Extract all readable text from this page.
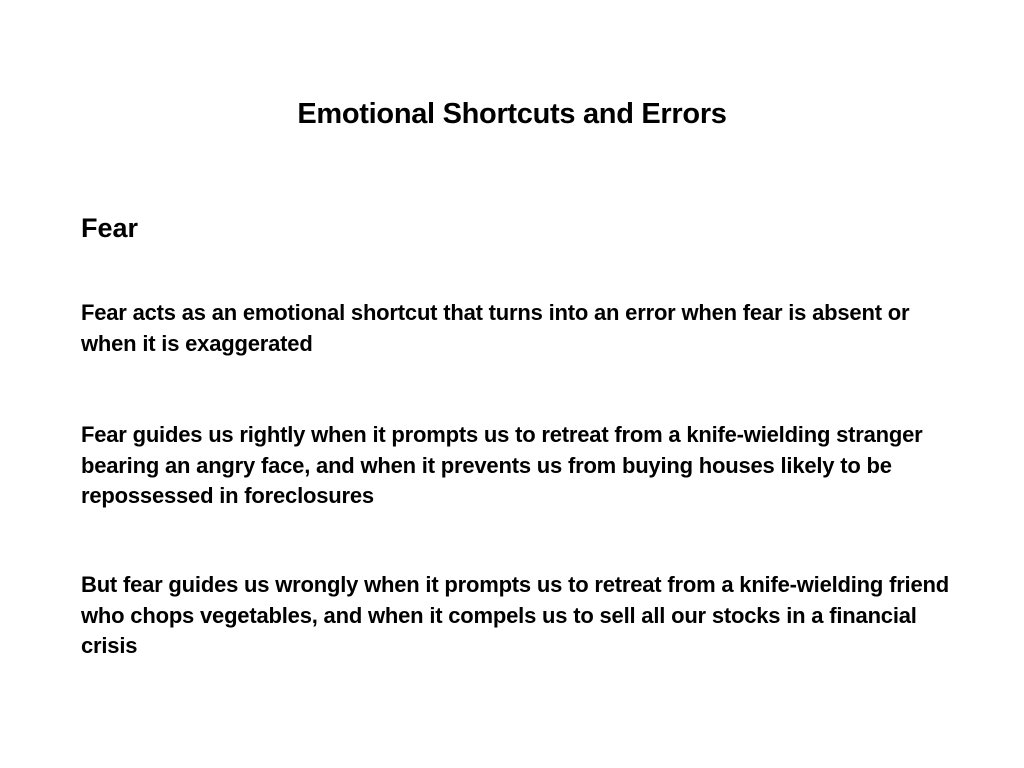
Emotional Shortcuts and Errors
Fear
Fear acts as an emotional shortcut that turns into an error when fear is absent or when it is exaggerated
Fear guides us rightly when it prompts us to retreat from a knife-wielding stranger bearing an angry face, and when it prevents us from buying houses likely to be repossessed in foreclosures
But fear guides us wrongly when it prompts us to retreat from a knife-wielding friend who chops vegetables, and when it compels us to sell all our stocks in a financial crisis
